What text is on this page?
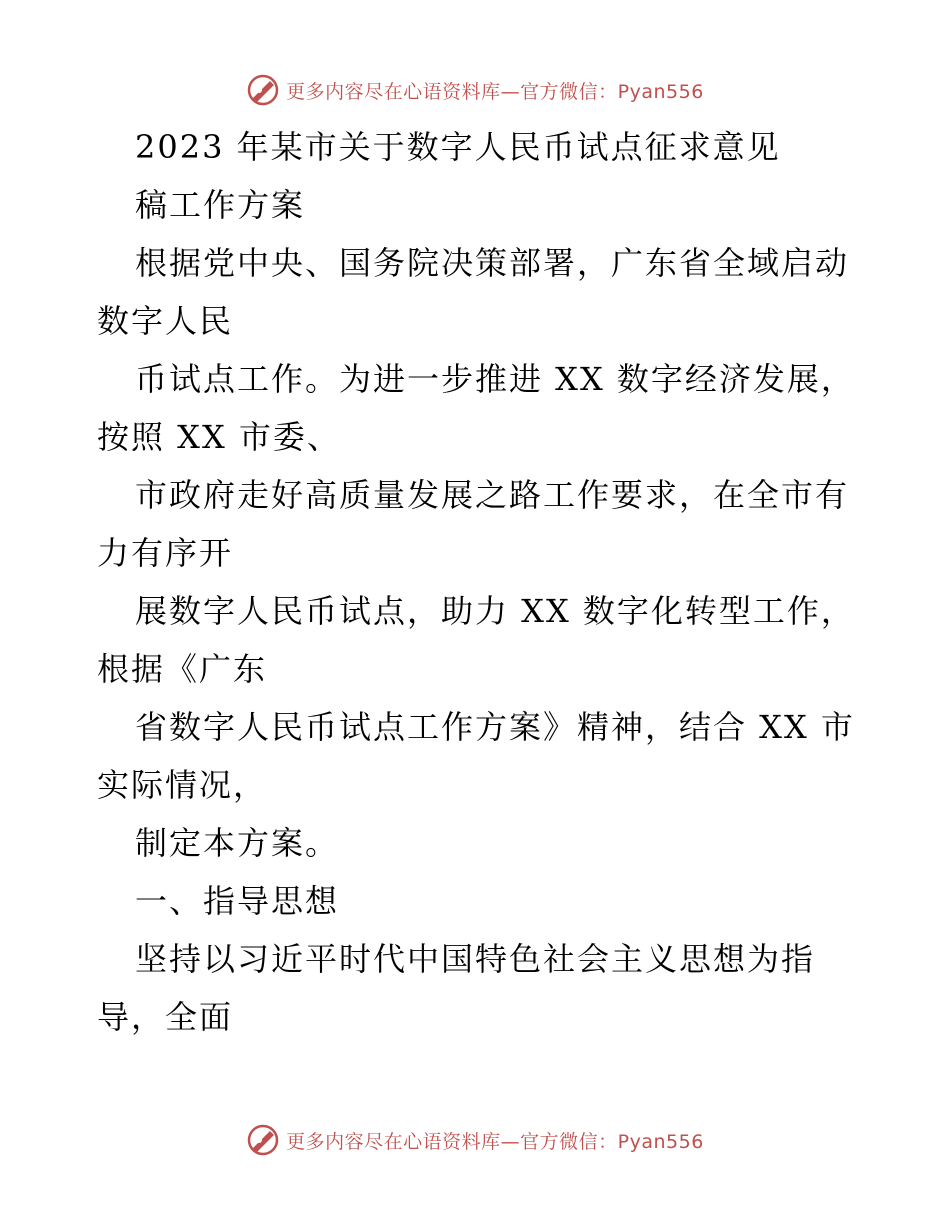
更多内容尽在心语资料库—官方微信：Pyan556
2023 年某市关于数字人民币试点征求意见
稿工作方案
根据党中央、国务院决策部署，广东省全域启动
数字人民
币试点工作。为进一步推进 XX 数字经济发展，
按照 XX 市委、
市政府走好高质量发展之路工作要求，在全市有
力有序开
展数字人民币试点，助力 XX 数字化转型工作，
根据《广东
省数字人民币试点工作方案》精神，结合 XX 市
实际情况，
制定本方案。
一、指导思想
坚持以习近平时代中国特色社会主义思想为指
导，全面
更多内容尽在心语资料库—官方微信：Pyan556
